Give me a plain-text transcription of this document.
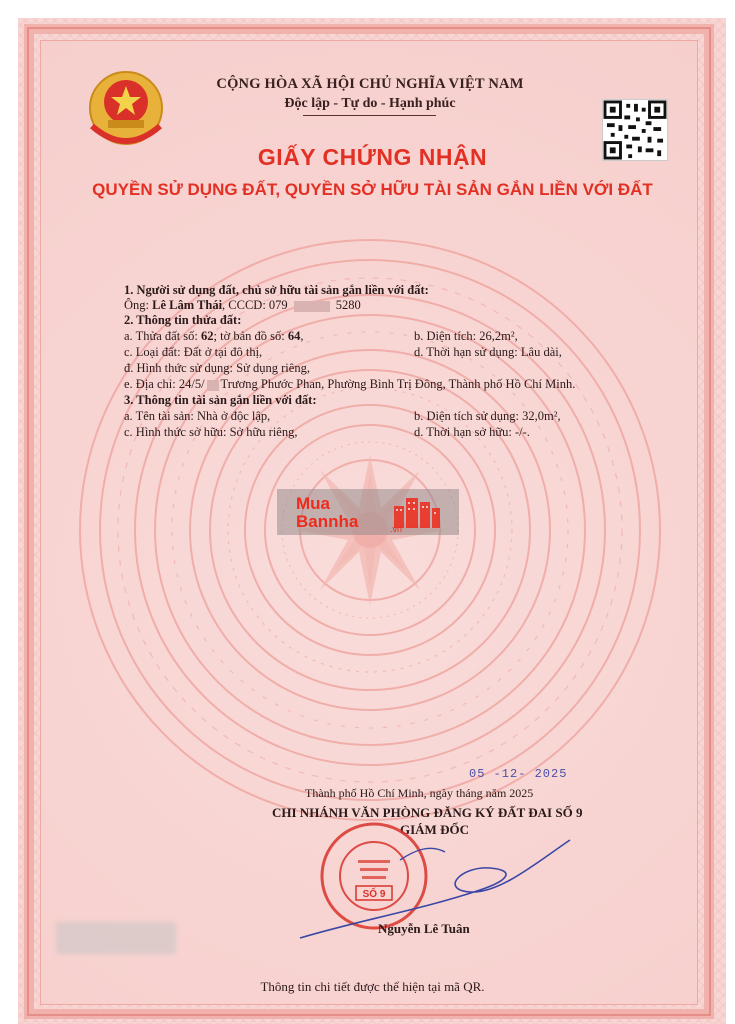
CỘNG HÒA XÃ HỘI CHỦ NGHĨA VIỆT NAM
Độc lập - Tự do - Hạnh phúc
GIẤY CHỨNG NHẬN
QUYỀN SỬ DỤNG ĐẤT, QUYỀN SỞ HỮU TÀI SẢN GẮN LIỀN VỚI ĐẤT
1. Người sử dụng đất, chủ sở hữu tài sản gắn liền với đất:
Ông: Lê Lâm Thái, CCCD: 079	5280
2. Thông tin thửa đất:
a. Thửa đất số: 62; tờ bản đồ số: 64,	b. Diện tích: 26,2m²,
c. Loại đất: Đất ở tại đô thị,	d. Thời hạn sử dụng: Lâu dài,
đ. Hình thức sử dụng: Sử dụng riêng,
e. Địa chỉ: 24/5/ Trương Phước Phan, Phường Bình Trị Đông, Thành phố Hồ Chí Minh.
3. Thông tin tài sản gắn liền với đất:
a. Tên tài sản: Nhà ở độc lập,	b. Diện tích sử dụng: 32,0m²,
c. Hình thức sở hữu: Sở hữu riêng,	d. Thời hạn sở hữu: -/-.
Mua
Bannha	.vn
05 -12- 2025
Thành phố Hồ Chí Minh, ngày tháng năm 2025
CHI NHÁNH VĂN PHÒNG ĐĂNG KÝ ĐẤT ĐAI SỐ 9
GIÁM ĐỐC
SỐ 9
Nguyễn Lê Tuân
Thông tin chi tiết được thể hiện tại mã QR.
